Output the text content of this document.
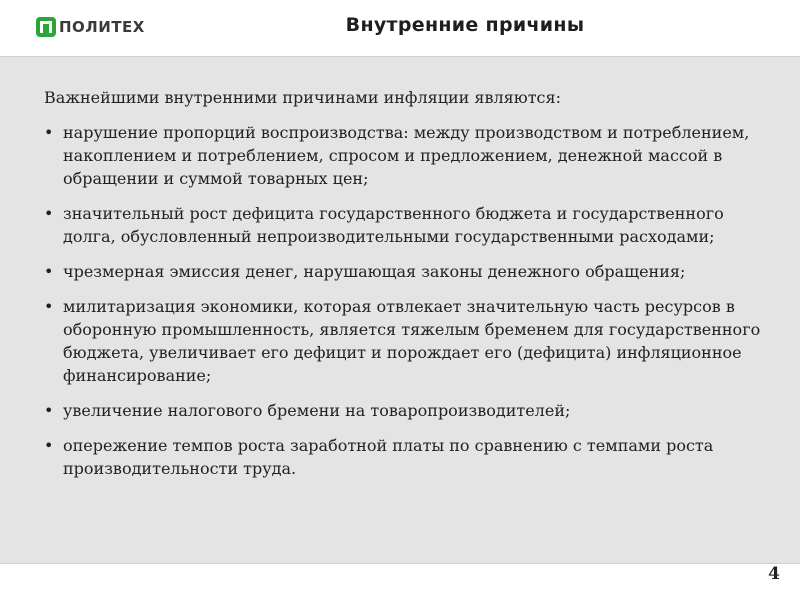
ПОЛИТЕХ	Внутренние причины
Важнейшими внутренними причинами инфляции являются:
• нарушение пропорций воспроизводства: между производством и потреблением, накоплением и потреблением, спросом и предложением, денежной массой в обращении и суммой товарных цен;
• значительный рост дефицита государственного бюджета и государственного долга, обусловленный непроизводительными государственными расходами;
• чрезмерная эмиссия денег, нарушающая законы денежного обращения;
• милитаризация экономики, которая отвлекает значительную часть ресурсов в оборонную промышленность, является тяжелым бременем для государственного бюджета, увеличивает его дефицит и порождает его (дефицита) инфляционное финансирование;
• увеличение налогового бремени на товаропроизводителей;
• опережение темпов роста заработной платы по сравнению с темпами роста производительности труда.
4
